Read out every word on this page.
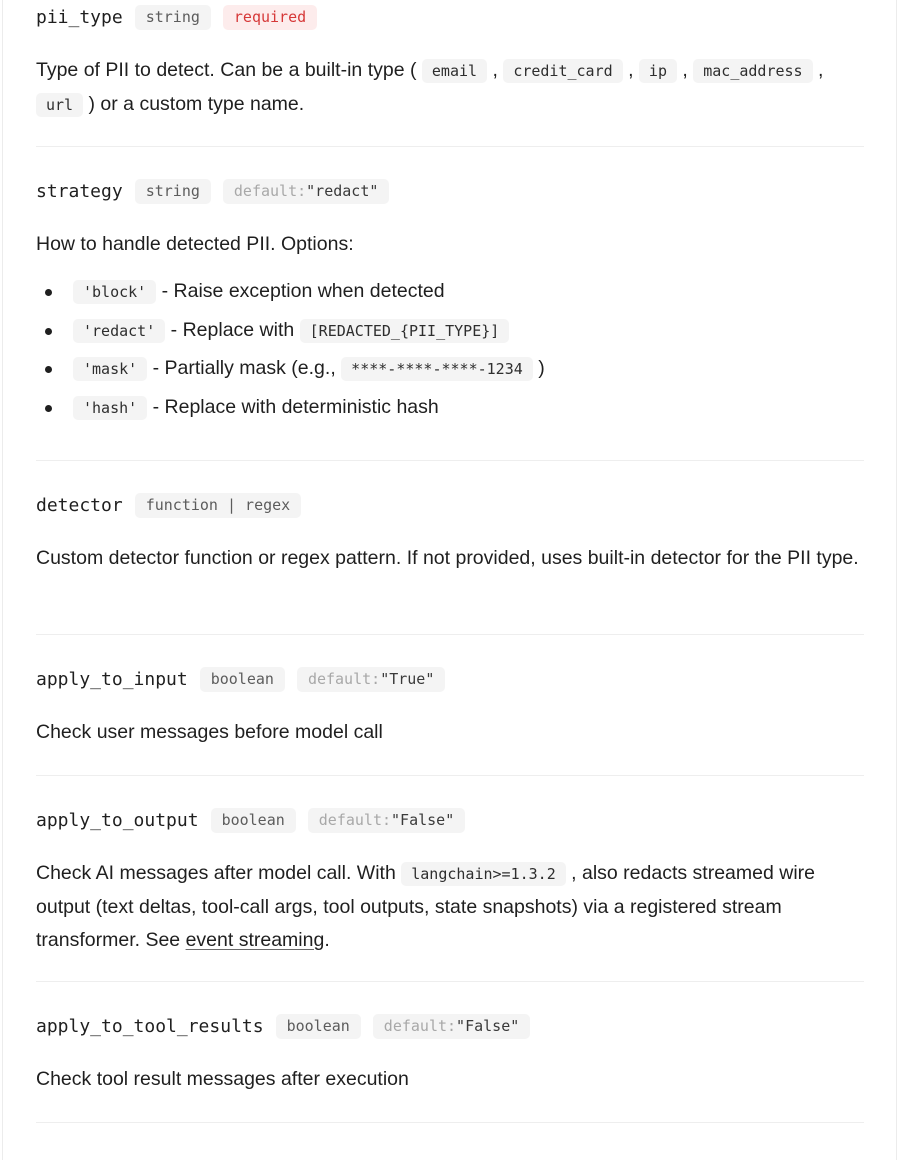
pii_type	string	required
Type of PII to detect. Can be a built-in type ( email , credit_card , ip , mac_address , url ) or a custom type name.
strategy	string	default:"redact"
How to handle detected PII. Options:
'block' - Raise exception when detected
'redact' - Replace with [REDACTED_{PII_TYPE}]
'mask' - Partially mask (e.g., ****-****-****-1234 )
'hash' - Replace with deterministic hash
detector	function | regex
Custom detector function or regex pattern. If not provided, uses built-in detector for the PII type.
apply_to_input	boolean	default:"True"
Check user messages before model call
apply_to_output	boolean	default:"False"
Check AI messages after model call. With langchain>=1.3.2 , also redacts streamed wire output (text deltas, tool-call args, tool outputs, state snapshots) via a registered stream transformer. See event streaming.
apply_to_tool_results	boolean	default:"False"
Check tool result messages after execution
